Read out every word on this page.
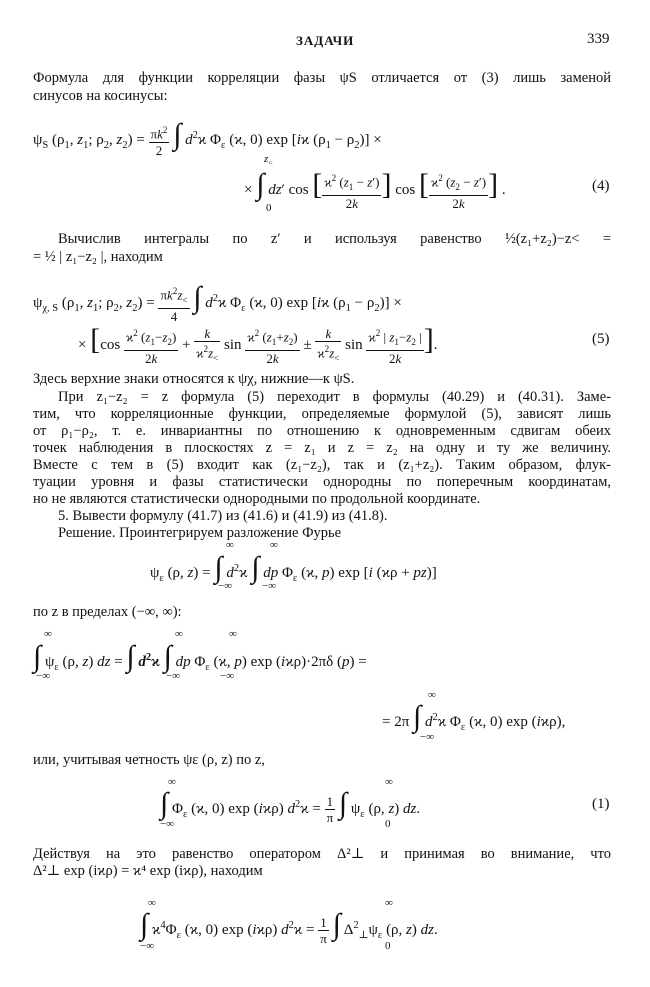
ЗАДАЧИ	339
Формула для функции корреляции фазы ψS отличается от (3) лишь заменой
синусов на косинусы:
$\psi_S$ ($\rho_1$, $z_1$; $\rho_2$, $z_2) = \frac{\pi k^2}{2}$ ∫ $d^2ϰ$ $\Phi_\varepsilon$ (ϰ, 0) exp [iϰ $(\rho_1 - \rho_2)$] ×
$z_<$
× ∫ dz′ cos [ $\frac{ϰ^2 (z_1 - z')}{2k}$ ] cos [ $\frac{ϰ^2 (z_2 - z')}{2k}$ ] .
0
(4)
Вычислив интегралы по z′ и используя равенство ½(z₁+z₂)−z< =
= ½ | z₁−z₂ |, находим
$\psi_{\chi, S}$ ($\rho_1$, $z_1$; $\rho_2$, $z_2) = \frac{\pi k^2z_<}{4}$ ∫ $d^2ϰ$ $\Phi_\varepsilon$ (ϰ, 0) exp [iϰ $(\rho_1 - \rho_2)$] ×
× [$\cos \frac{ϰ^2 (z_1-z_2)}{2k} + \frac{k}{ϰ^2z_<}$ $\sin \frac{ϰ^2 (z_1+z_2)}{2k} \pm \frac{k}{ϰ^2z_<}$ $\sin \frac{ϰ^2 | z_1-z_2 |}{2k}$ ].	(5)
Здесь верхние знаки относятся к ψχ, нижние—к ψS.
При z₁−z₂ = z формула (5) переходит в формулы (40.29) и (40.31). Заме-
тим, что корреляционные функции, определяемые формулой (5), зависят лишь
от ρ₁−ρ₂, т. е. инвариантны по отношению к одновременным сдвигам обеих
точек наблюдения в плоскостях z = z₁ и z = z₂ на одну и ту же величину.
Вместе с тем в (5) входит как (z₁−z₂), так и (z₁+z₂). Таким образом, флук-
туации уровня и фазы статистически однородны по поперечным координатам,
но не являются статистически однородными по продольной координате.
5. Вывести формулу (41.7) из (41.6) и (41.9) из (41.8).
Решение. Проинтегрируем разложение Фурье
∞	∞
$\psi_\varepsilon$ (ρ, z) = ∫ $d^2ϰ$ ∫ dp $\Phi_\varepsilon$ (ϰ, p) exp [i (ϰρ + pz)]
−∞	−∞
по z в пределах (−∞, ∞):
∞	∞	∞
∫ $\psi_\varepsilon$ (ρ, z) dz = ∫ $d^2ϰ$ ∫ dp $\Phi_\varepsilon$ (ϰ, p) exp (iϰρ)·2πδ (p) =
−∞	−∞	−∞
∞
= 2π ∫ $d^2ϰ$ $\Phi_\varepsilon$ (ϰ, 0) exp (iϰρ),
−∞
или, учитывая четность ψε (ρ, z) по z,
∞	∞
∫ $\Phi_\varepsilon$ (ϰ, 0) exp (iϰρ) $d^2ϰ = \frac{1}{\pi}$ ∫ $\psi_\varepsilon$ (ρ, z) dz.
−∞	0
(1)
Действуя на это равенство оператором Δ²⊥ и принимая во внимание, что
Δ²⊥ exp (iϰρ) = ϰ⁴ exp (iϰρ), находим
∞	∞
∫ $ϰ^4\Phi_\varepsilon$ (ϰ, 0) exp (iϰρ) $d^2ϰ = \frac{1}{\pi}$ ∫ $\Delta^2_\perp\psi_\varepsilon$ (ρ, z) dz.
−∞	0
